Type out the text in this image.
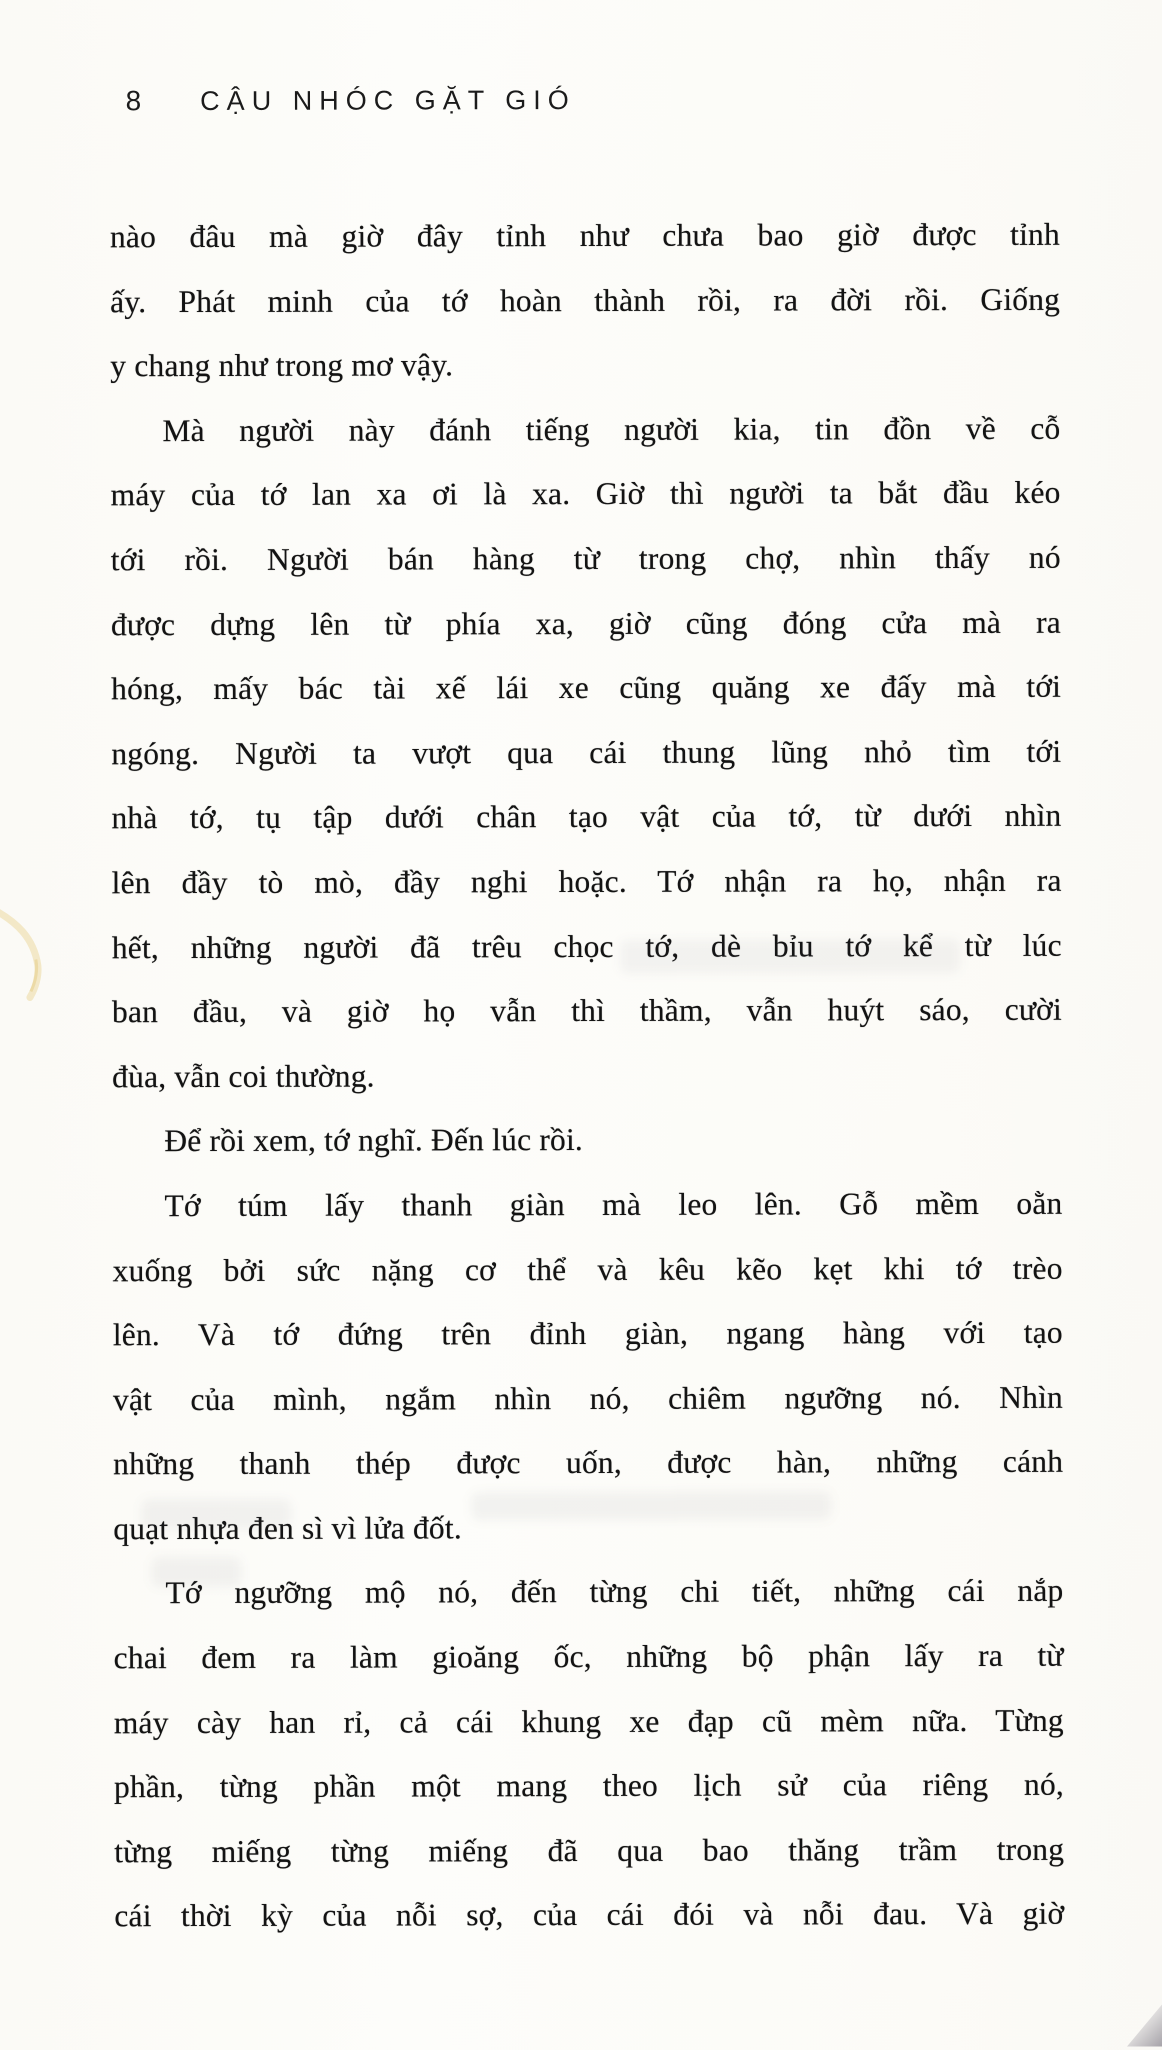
8 CẬU NHÓC GẶT GIÓ
nào đâu mà giờ đây tỉnh như chưa bao giờ được tỉnh
ấy. Phát minh của tớ hoàn thành rồi, ra đời rồi. Giống
y chang như trong mơ vậy.
Mà người này đánh tiếng người kia, tin đồn về cỗ
máy của tớ lan xa ơi là xa. Giờ thì người ta bắt đầu kéo
tới rồi. Người bán hàng từ trong chợ, nhìn thấy nó
được dựng lên từ phía xa, giờ cũng đóng cửa mà ra
hóng, mấy bác tài xế lái xe cũng quăng xe đấy mà tới
ngóng. Người ta vượt qua cái thung lũng nhỏ tìm tới
nhà tớ, tụ tập dưới chân tạo vật của tớ, từ dưới nhìn
lên đầy tò mò, đầy nghi hoặc. Tớ nhận ra họ, nhận ra
hết, những người đã trêu chọc tớ, dè bỉu tớ kể từ lúc
ban đầu, và giờ họ vẫn thì thầm, vẫn huýt sáo, cười
đùa, vẫn coi thường.
Để rồi xem, tớ nghĩ. Đến lúc rồi.
Tớ túm lấy thanh giàn mà leo lên. Gỗ mềm oằn
xuống bởi sức nặng cơ thể và kêu kẽo kẹt khi tớ trèo
lên. Và tớ đứng trên đỉnh giàn, ngang hàng với tạo
vật của mình, ngắm nhìn nó, chiêm ngưỡng nó. Nhìn
những thanh thép được uốn, được hàn, những cánh
quạt nhựa đen sì vì lửa đốt.
Tớ ngưỡng mộ nó, đến từng chi tiết, những cái nắp
chai đem ra làm gioăng ốc, những bộ phận lấy ra từ
máy cày han rỉ, cả cái khung xe đạp cũ mèm nữa. Từng
phần, từng phần một mang theo lịch sử của riêng nó,
từng miếng từng miếng đã qua bao thăng trầm trong
cái thời kỳ của nỗi sợ, của cái đói và nỗi đau. Và giờ
